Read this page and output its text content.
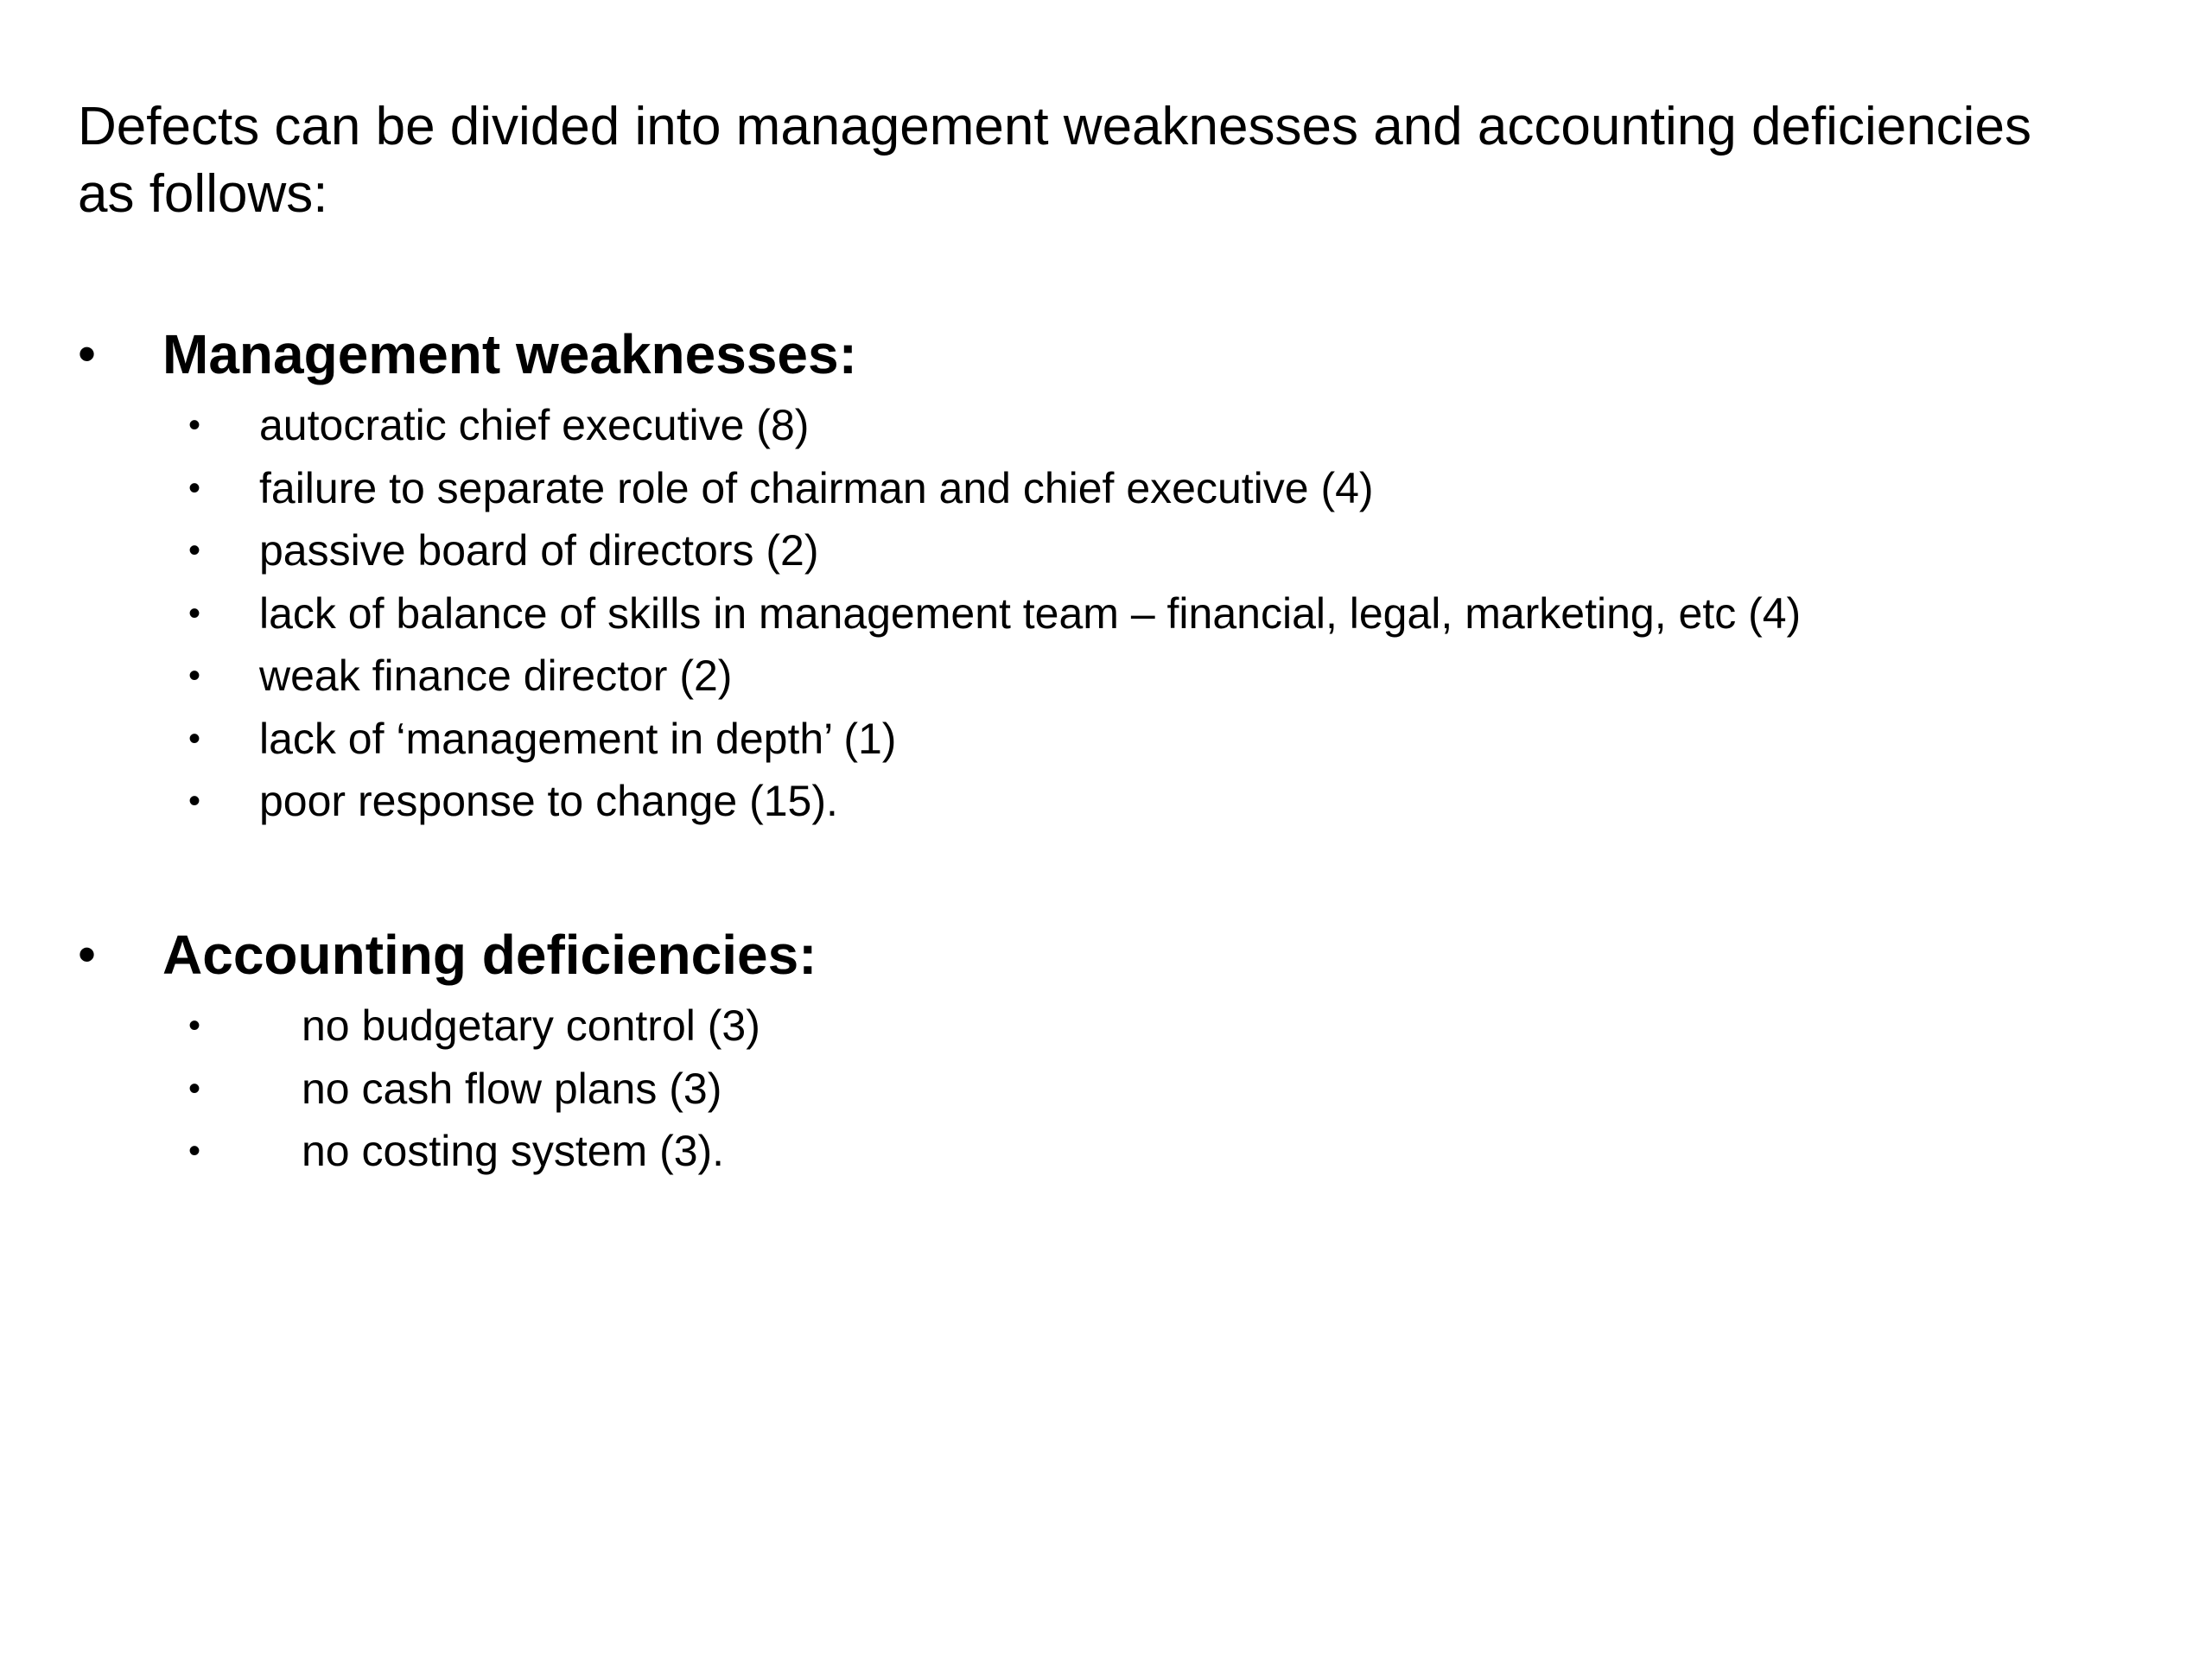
Defects can be divided into management weaknesses and accounting deficiencies as follows:

• Management weaknesses:
• autocratic chief executive (8)
• failure to separate role of chairman and chief executive (4)
• passive board of directors (2)
• lack of balance of skills in management team – financial, legal, marketing, etc (4)
• weak finance director (2)
• lack of ‘management in depth’ (1)
• poor response to change (15).
• Accounting deficiencies:
• no budgetary control (3)
• no cash flow plans (3)
• no costing system (3).
